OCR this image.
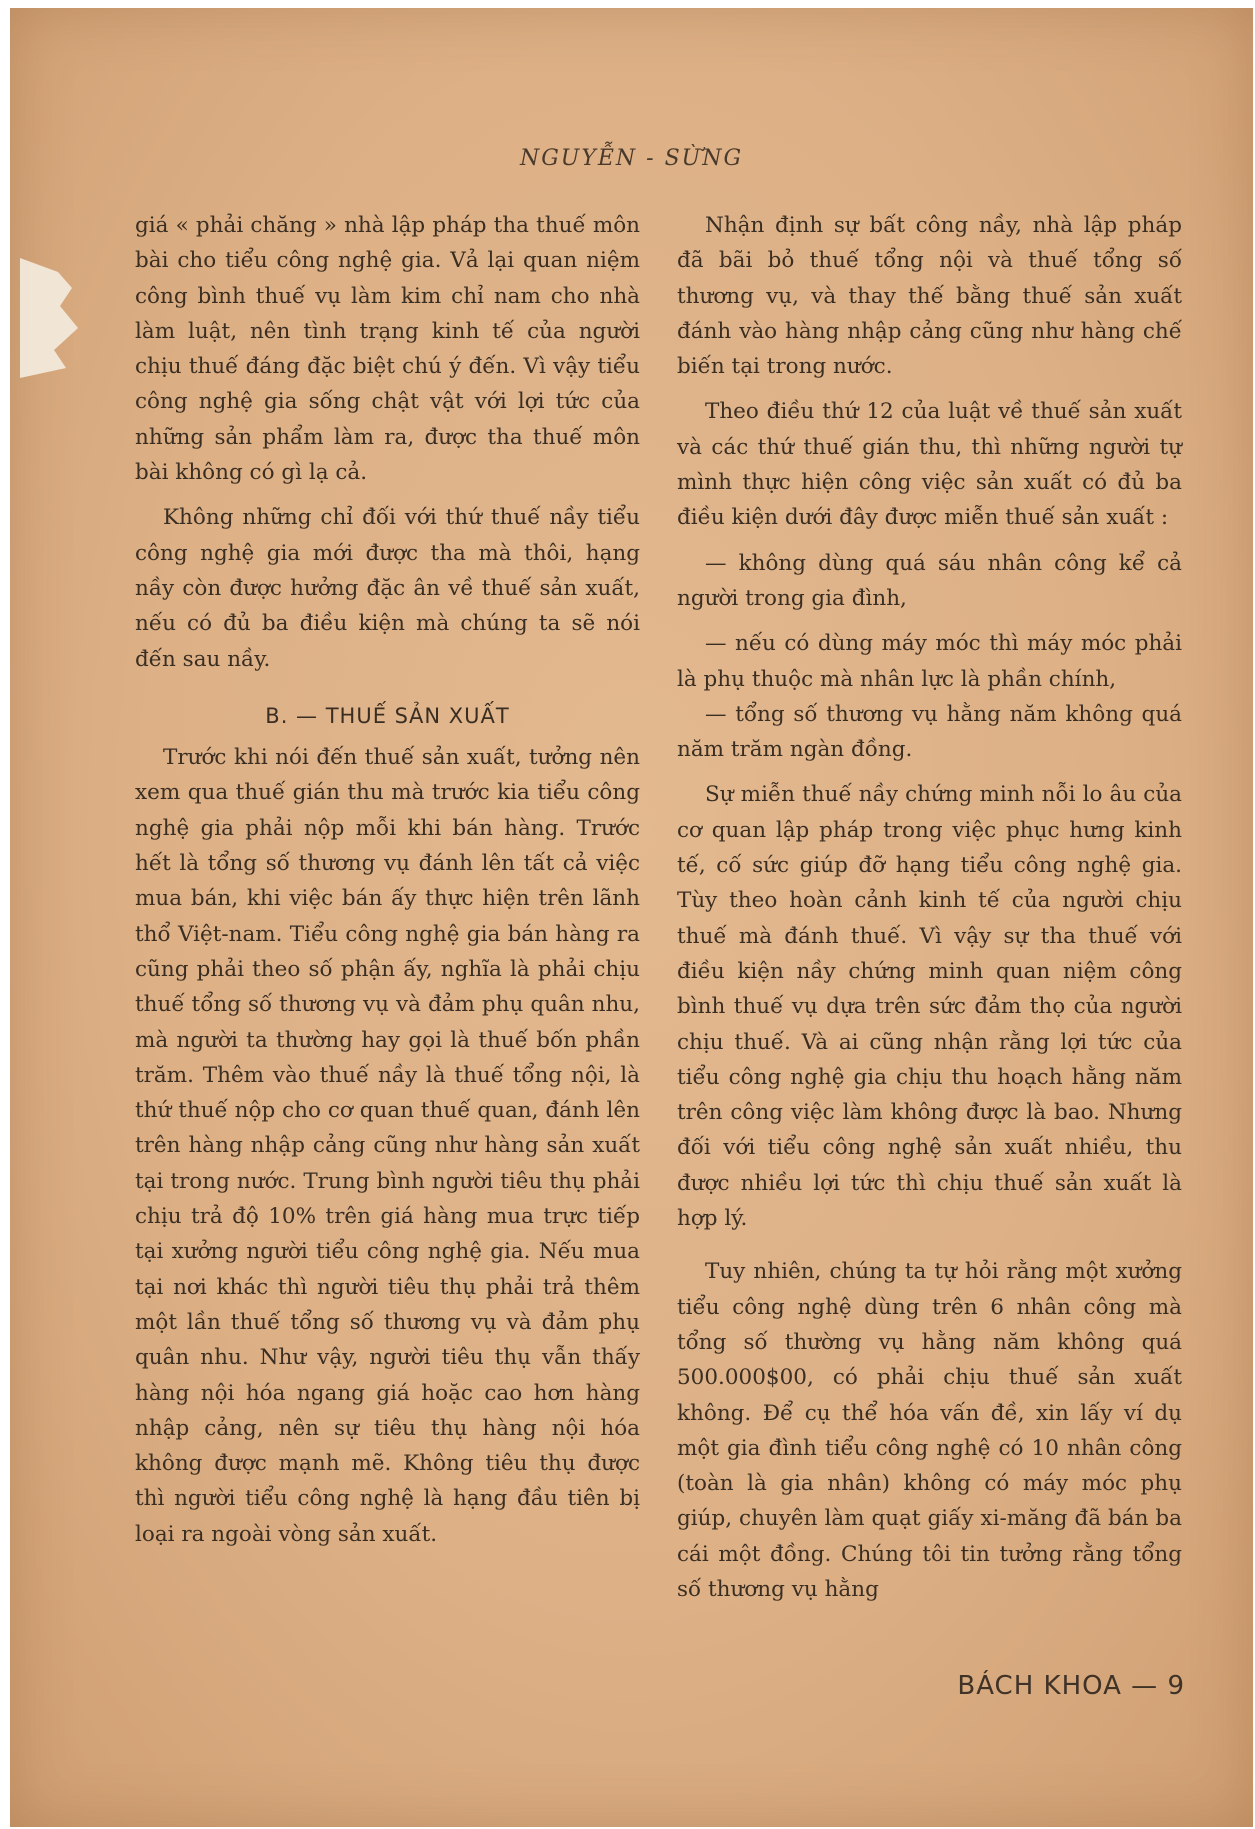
NGUYỄN - SỪNG

giá « phải chăng » nhà lập pháp tha thuế môn bài cho tiểu công nghệ gia. Vả lại quan niệm công bình thuế vụ làm kim chỉ nam cho nhà làm luật, nên tình trạng kinh tế của người chịu thuế đáng đặc biệt chú ý đến. Vì vậy tiểu công nghệ gia sống chật vật với lợi tức của những sản phẩm làm ra, được tha thuế môn bài không có gì lạ cả.

Không những chỉ đối với thứ thuế nầy tiểu công nghệ gia mới được tha mà thôi, hạng nầy còn được hưởng đặc ân về thuế sản xuất, nếu có đủ ba điều kiện mà chúng ta sẽ nói đến sau nầy.

B. — THUẾ SẢN XUẤT

Trước khi nói đến thuế sản xuất, tưởng nên xem qua thuế gián thu mà trước kia tiểu công nghệ gia phải nộp mỗi khi bán hàng. Trước hết là tổng số thương vụ đánh lên tất cả việc mua bán, khi việc bán ấy thực hiện trên lãnh thổ Việt-nam. Tiểu công nghệ gia bán hàng ra cũng phải theo số phận ấy, nghĩa là phải chịu thuế tổng số thương vụ và đảm phụ quân nhu, mà người ta thường hay gọi là thuế bốn phần trăm. Thêm vào thuế nầy là thuế tổng nội, là thứ thuế nộp cho cơ quan thuế quan, đánh lên trên hàng nhập cảng cũng như hàng sản xuất tại trong nước. Trung bình người tiêu thụ phải chịu trả độ 10% trên giá hàng mua trực tiếp tại xưởng người tiểu công nghệ gia. Nếu mua tại nơi khác thì người tiêu thụ phải trả thêm một lần thuế tổng số thương vụ và đảm phụ quân nhu. Như vậy, người tiêu thụ vẫn thấy hàng nội hóa ngang giá hoặc cao hơn hàng nhập cảng, nên sự tiêu thụ hàng nội hóa không được mạnh mẽ. Không tiêu thụ được thì người tiểu công nghệ là hạng đầu tiên bị loại ra ngoài vòng sản xuất.

Nhận định sự bất công nầy, nhà lập pháp đã bãi bỏ thuế tổng nội và thuế tổng số thương vụ, và thay thế bằng thuế sản xuất đánh vào hàng nhập cảng cũng như hàng chế biến tại trong nước.

Theo điều thứ 12 của luật về thuế sản xuất và các thứ thuế gián thu, thì những người tự mình thực hiện công việc sản xuất có đủ ba điều kiện dưới đây được miễn thuế sản xuất :

— không dùng quá sáu nhân công kể cả người trong gia đình,

— nếu có dùng máy móc thì máy móc phải là phụ thuộc mà nhân lực là phần chính,

— tổng số thương vụ hằng năm không quá năm trăm ngàn đồng.

Sự miễn thuế nầy chứng minh nỗi lo âu của cơ quan lập pháp trong việc phục hưng kinh tế, cố sức giúp đỡ hạng tiểu công nghệ gia. Tùy theo hoàn cảnh kinh tế của người chịu thuế mà đánh thuế. Vì vậy sự tha thuế với điều kiện nầy chứng minh quan niệm công bình thuế vụ dựa trên sức đảm thọ của người chịu thuế. Và ai cũng nhận rằng lợi tức của tiểu công nghệ gia chịu thu hoạch hằng năm trên công việc làm không được là bao. Nhưng đối với tiểu công nghệ sản xuất nhiều, thu được nhiều lợi tức thì chịu thuế sản xuất là hợp lý.

Tuy nhiên, chúng ta tự hỏi rằng một xưởng tiểu công nghệ dùng trên 6 nhân công mà tổng số thường vụ hằng năm không quá 500.000$00, có phải chịu thuế sản xuất không. Để cụ thể hóa vấn đề, xin lấy ví dụ một gia đình tiểu công nghệ có 10 nhân công (toàn là gia nhân) không có máy móc phụ giúp, chuyên làm quạt giấy xi-măng đã bán ba cái một đồng. Chúng tôi tin tưởng rằng tổng số thương vụ hằng

BÁCH KHOA — 9
